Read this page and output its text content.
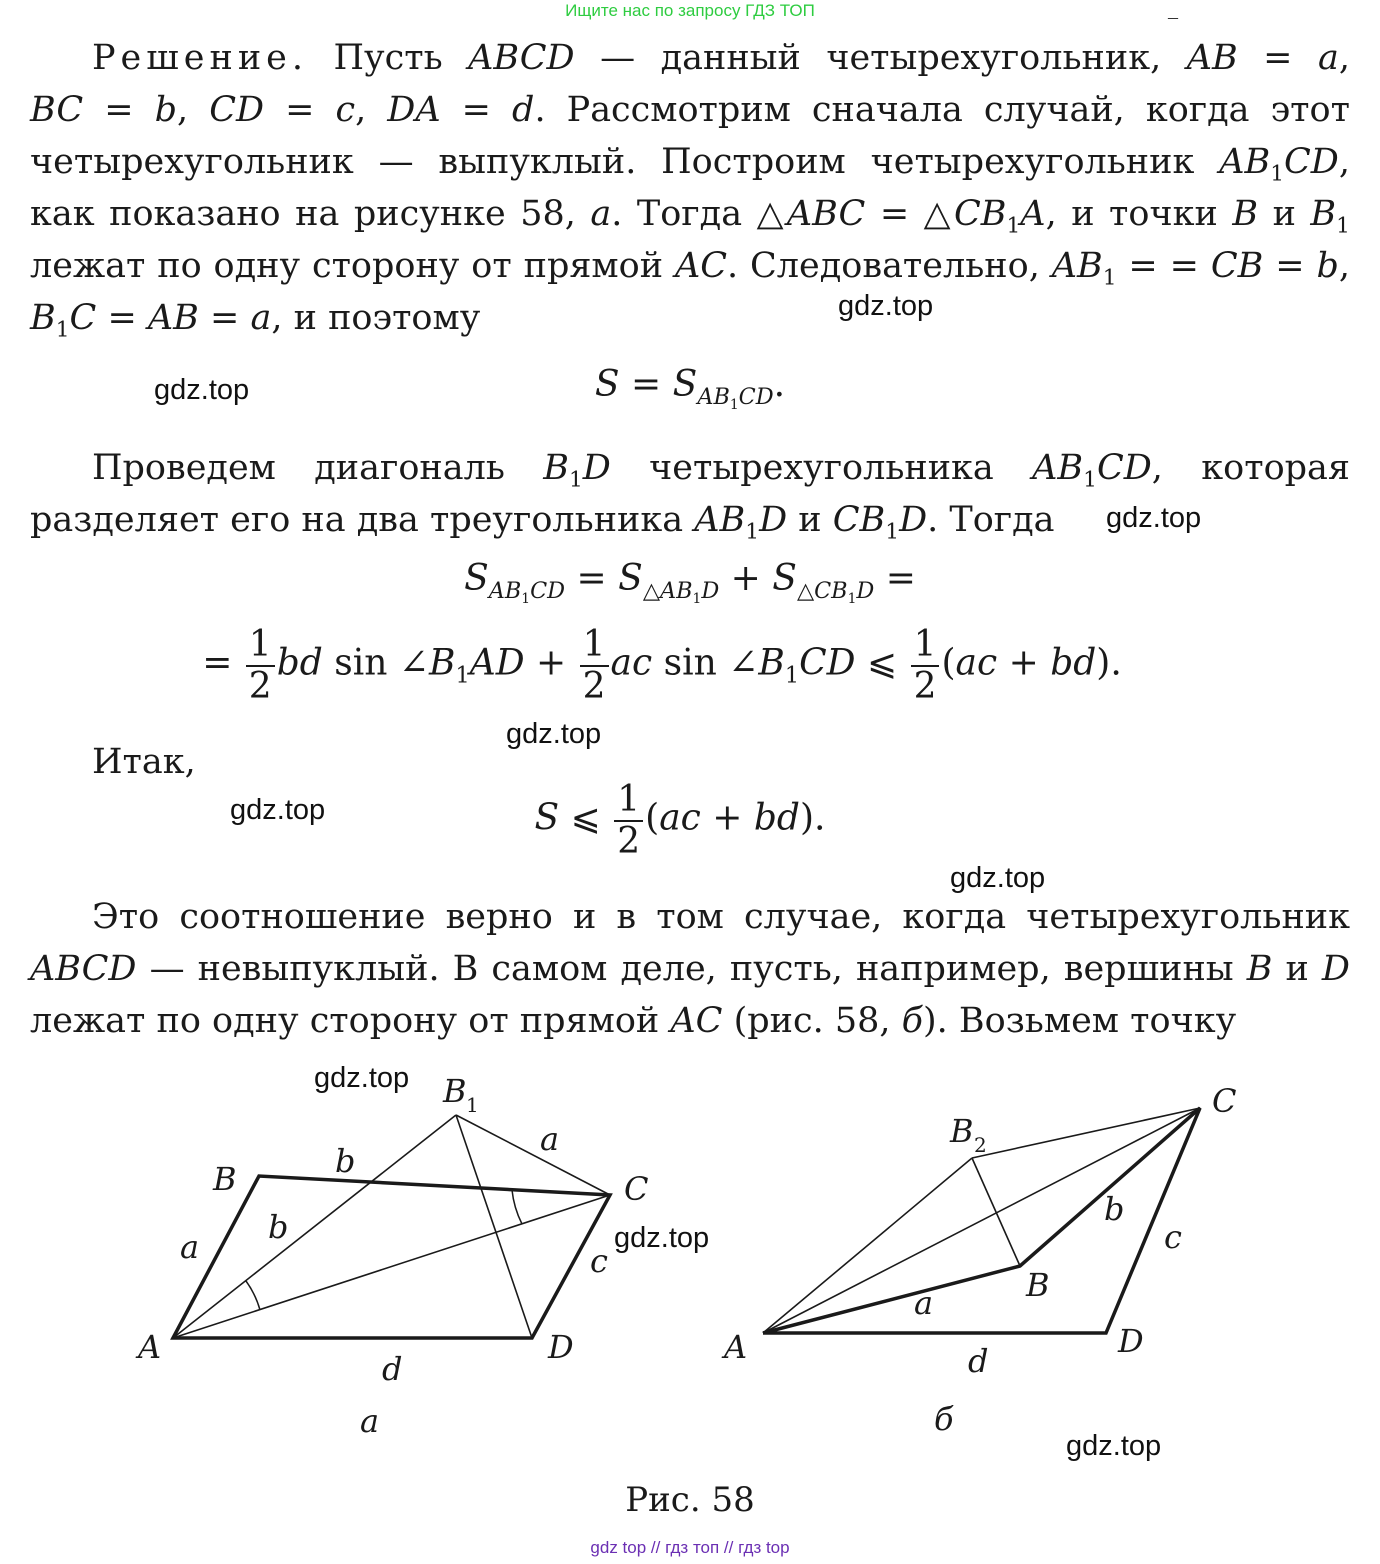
Ищите нас по запросу ГДЗ ТОП	–
Решение. Пусть ABCD — данный четырехугольник, AB = a, BC = b, CD = c, DA = d. Рассмотрим сначала случай, когда этот четырехугольник — выпуклый. Построим четырехугольник $AB_1CD$, как показано на рисунке 58, a. Тогда △ABC = $\triangle CB_1A$, и точки B и $B_1$ лежат по одну сторону от прямой AC. Следовательно, $AB_1$ = = CB = b, $B_1C$ = AB = a, и поэтому
$S = S_{AB_1CD}$.
Проведем диагональ $B_1D$ четырехугольника $AB_1CD$, которая разделяет его на два треугольника $AB_1D$ и $CB_1D$. Тогда
$S_{AB_1CD} = S_{\triangle AB_1D} + S_{\triangle CB_1D}$ =
= $\frac{1}{2}$ bd $\sin \angle B_1AD + \frac{1}{2}$ ac $\sin \angle B_1CD$ ⩽ $\frac{1}{2} (ac + bd)$.
Итак,
S ⩽ $\frac{1}{2} (ac + bd)$.
Это соотношение верно и в том случае, когда четырехугольник ABCD — невыпуклый. В самом деле, пусть, например, вершины B и D лежат по одну сторону от прямой AC (рис. 58, б). Возьмем точку
gdz.top
gdz.top
gdz.top
gdz.top
gdz.top
gdz.top
gdz.top
gdz.top
gdz.top
A
B
B 1
C
D
a
a
b
b
c
d
а
A
B
B 2
C
D
a
b
c
d
б
Рис. 58
gdz top // гдз топ // гдз top
